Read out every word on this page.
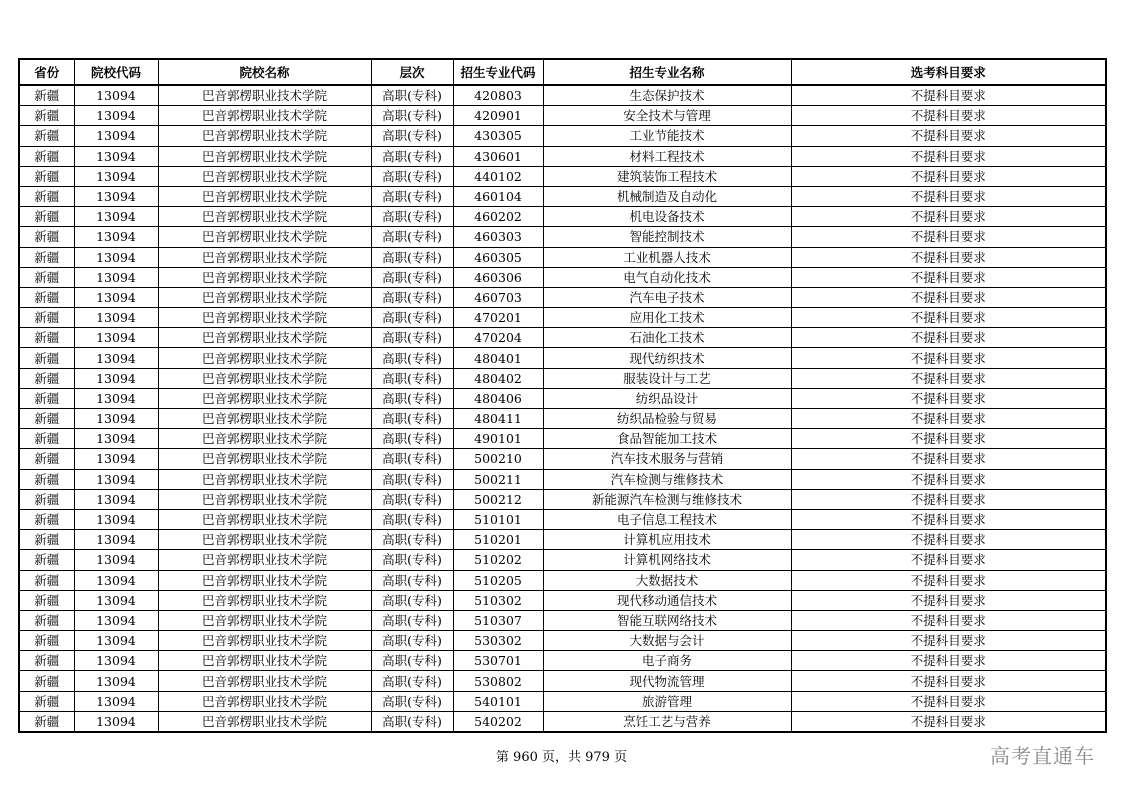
省份	院校代码	院校名称	层次	招生专业代码	招生专业名称	选考科目要求
新疆	13094	巴音郭楞职业技术学院	高职(专科)	420803	生态保护技术	不提科目要求
新疆	13094	巴音郭楞职业技术学院	高职(专科)	420901	安全技术与管理	不提科目要求
新疆	13094	巴音郭楞职业技术学院	高职(专科)	430305	工业节能技术	不提科目要求
新疆	13094	巴音郭楞职业技术学院	高职(专科)	430601	材料工程技术	不提科目要求
新疆	13094	巴音郭楞职业技术学院	高职(专科)	440102	建筑装饰工程技术	不提科目要求
新疆	13094	巴音郭楞职业技术学院	高职(专科)	460104	机械制造及自动化	不提科目要求
新疆	13094	巴音郭楞职业技术学院	高职(专科)	460202	机电设备技术	不提科目要求
新疆	13094	巴音郭楞职业技术学院	高职(专科)	460303	智能控制技术	不提科目要求
新疆	13094	巴音郭楞职业技术学院	高职(专科)	460305	工业机器人技术	不提科目要求
新疆	13094	巴音郭楞职业技术学院	高职(专科)	460306	电气自动化技术	不提科目要求
新疆	13094	巴音郭楞职业技术学院	高职(专科)	460703	汽车电子技术	不提科目要求
新疆	13094	巴音郭楞职业技术学院	高职(专科)	470201	应用化工技术	不提科目要求
新疆	13094	巴音郭楞职业技术学院	高职(专科)	470204	石油化工技术	不提科目要求
新疆	13094	巴音郭楞职业技术学院	高职(专科)	480401	现代纺织技术	不提科目要求
新疆	13094	巴音郭楞职业技术学院	高职(专科)	480402	服装设计与工艺	不提科目要求
新疆	13094	巴音郭楞职业技术学院	高职(专科)	480406	纺织品设计	不提科目要求
新疆	13094	巴音郭楞职业技术学院	高职(专科)	480411	纺织品检验与贸易	不提科目要求
新疆	13094	巴音郭楞职业技术学院	高职(专科)	490101	食品智能加工技术	不提科目要求
新疆	13094	巴音郭楞职业技术学院	高职(专科)	500210	汽车技术服务与营销	不提科目要求
新疆	13094	巴音郭楞职业技术学院	高职(专科)	500211	汽车检测与维修技术	不提科目要求
新疆	13094	巴音郭楞职业技术学院	高职(专科)	500212	新能源汽车检测与维修技术	不提科目要求
新疆	13094	巴音郭楞职业技术学院	高职(专科)	510101	电子信息工程技术	不提科目要求
新疆	13094	巴音郭楞职业技术学院	高职(专科)	510201	计算机应用技术	不提科目要求
新疆	13094	巴音郭楞职业技术学院	高职(专科)	510202	计算机网络技术	不提科目要求
新疆	13094	巴音郭楞职业技术学院	高职(专科)	510205	大数据技术	不提科目要求
新疆	13094	巴音郭楞职业技术学院	高职(专科)	510302	现代移动通信技术	不提科目要求
新疆	13094	巴音郭楞职业技术学院	高职(专科)	510307	智能互联网络技术	不提科目要求
新疆	13094	巴音郭楞职业技术学院	高职(专科)	530302	大数据与会计	不提科目要求
新疆	13094	巴音郭楞职业技术学院	高职(专科)	530701	电子商务	不提科目要求
新疆	13094	巴音郭楞职业技术学院	高职(专科)	530802	现代物流管理	不提科目要求
新疆	13094	巴音郭楞职业技术学院	高职(专科)	540101	旅游管理	不提科目要求
新疆	13094	巴音郭楞职业技术学院	高职(专科)	540202	烹饪工艺与营养	不提科目要求
第 960 页，共 979 页	高考直通车
